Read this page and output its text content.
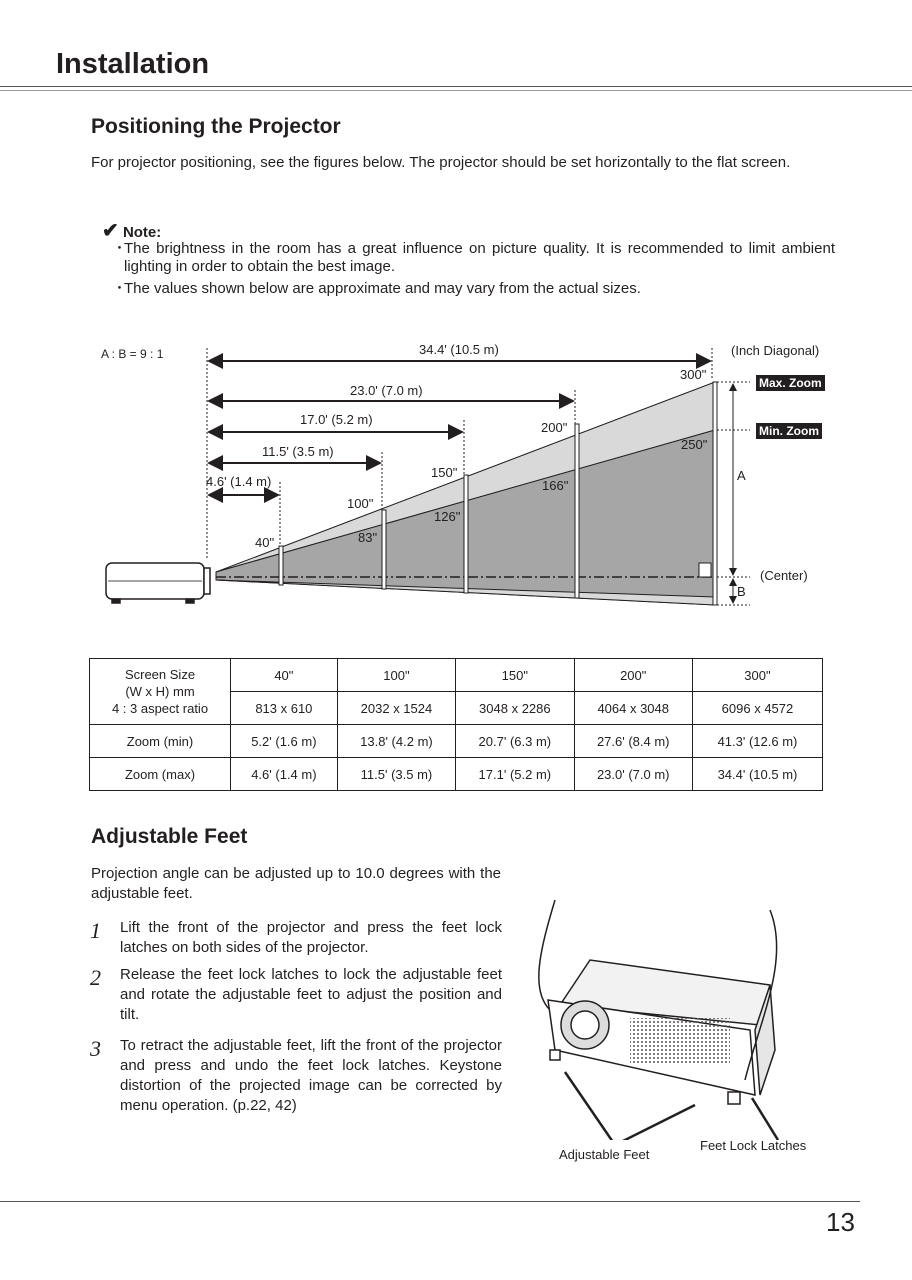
Installation
Positioning the Projector

For projector positioning, see the figures below. The projector should be set horizontally to the flat screen.

✔ Note:
・

The brightness in the room has a great influence on picture quality. It is recommended to limit ambient lighting in order to obtain the best image.

・

The values shown below are approximate and may vary from the actual sizes.

A : B = 9 : 1	(Inch Diagonal)
34.4' (10.5 m)
23.0' (7.0 m)
17.0' (5.2 m)
11.5' (3.5 m)
4.6' (1.4 m)
40"
100"
150"
200"
300"
83"
126"
166"
250"
Max. Zoom
Min. Zoom
A
B
(Center)
Screen Size
(W x H) mm
4 : 3 aspect ratio	40"	100"	150"	200"	300"
	813 x 610	2032 x 1524	3048 x 2286	4064 x 3048	6096 x 4572
Zoom (min)	5.2' (1.6 m)	13.8' (4.2 m)	20.7' (6.3 m)	27.6' (8.4 m)	41.3' (12.6 m)
Zoom (max)	4.6' (1.4 m)	11.5' (3.5 m)	17.1' (5.2 m)	23.0' (7.0 m)	34.4' (10.5 m)
Adjustable Feet

Projection angle can be adjusted up to 10.0 degrees with the adjustable feet.

1 Lift the front of the projector and press the feet lock latches on both sides of the projector.

2 Release the feet lock latches to lock the adjustable feet and rotate the adjustable feet to adjust the position and tilt.

3 To retract the adjustable feet, lift the front of the projector and press and undo the feet lock latches. Keystone distortion of the projected image can be corrected by menu operation. (p.22, 42)

Adjustable Feet
Feet Lock Latches
13
